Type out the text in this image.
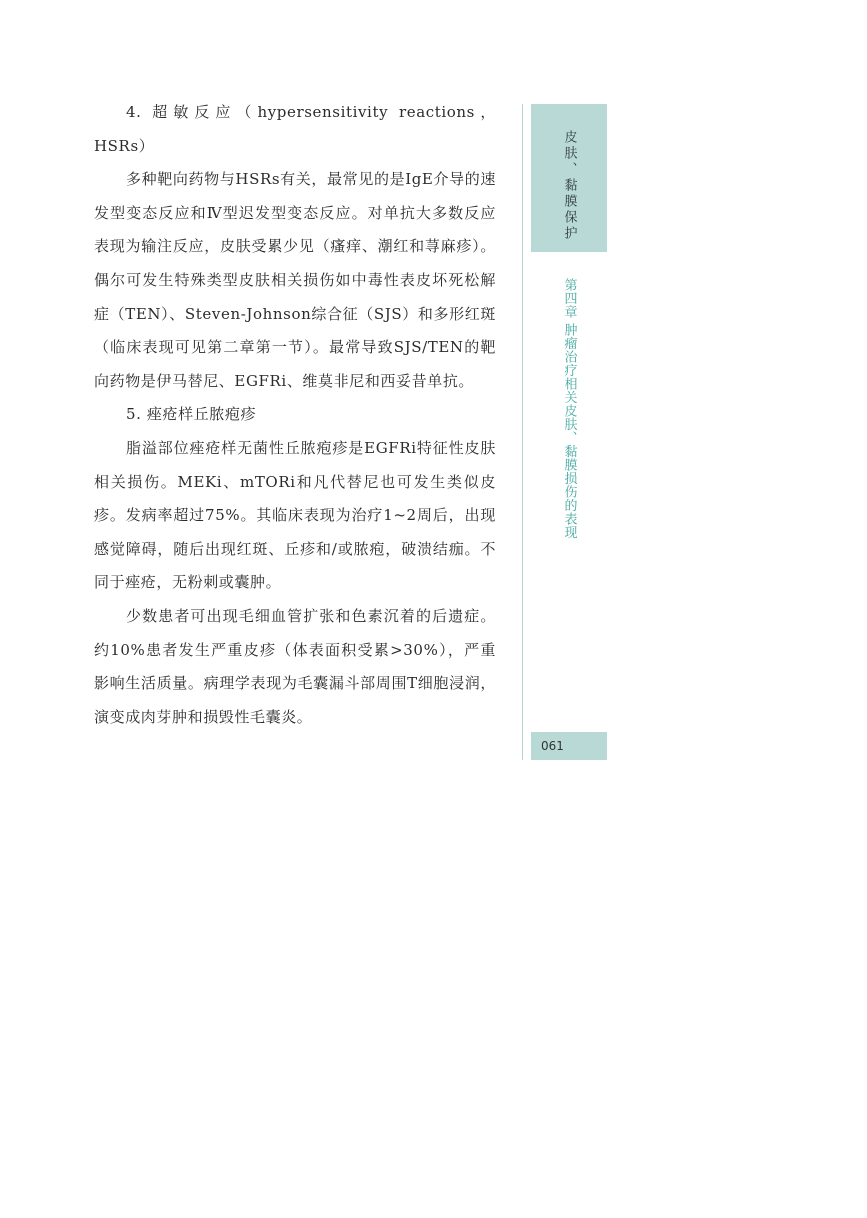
4. 超敏反应（hypersensitivity reactions，HSRs）

多种靶向药物与HSRs有关，最常见的是IgE介导的速发型变态反应和Ⅳ型迟发型变态反应。对单抗大多数反应表现为输注反应，皮肤受累少见（瘙痒、潮红和荨麻疹）。偶尔可发生特殊类型皮肤相关损伤如中毒性表皮坏死松解症（TEN）、Steven-Johnson综合征（SJS）和多形红斑（临床表现可见第二章第一节）。最常导致SJS/TEN的靶向药物是伊马替尼、EGFRi、维莫非尼和西妥昔单抗。

5. 痤疮样丘脓疱疹

脂溢部位痤疮样无菌性丘脓疱疹是EGFRi特征性皮肤相关损伤。MEKi、mTORi和凡代替尼也可发生类似皮疹。发病率超过75%。其临床表现为治疗1~2周后，出现感觉障碍，随后出现红斑、丘疹和/或脓疱，破溃结痂。不同于痤疮，无粉刺或囊肿。

少数患者可出现毛细血管扩张和色素沉着的后遗症。约10%患者发生严重皮疹（体表面积受累>30%），严重影响生活质量。病理学表现为毛囊漏斗部周围T细胞浸润，演变成肉芽肿和损毁性毛囊炎。

皮肤、黏膜保护
第四章 肿瘤治疗相关皮肤、黏膜损伤的表现
061
